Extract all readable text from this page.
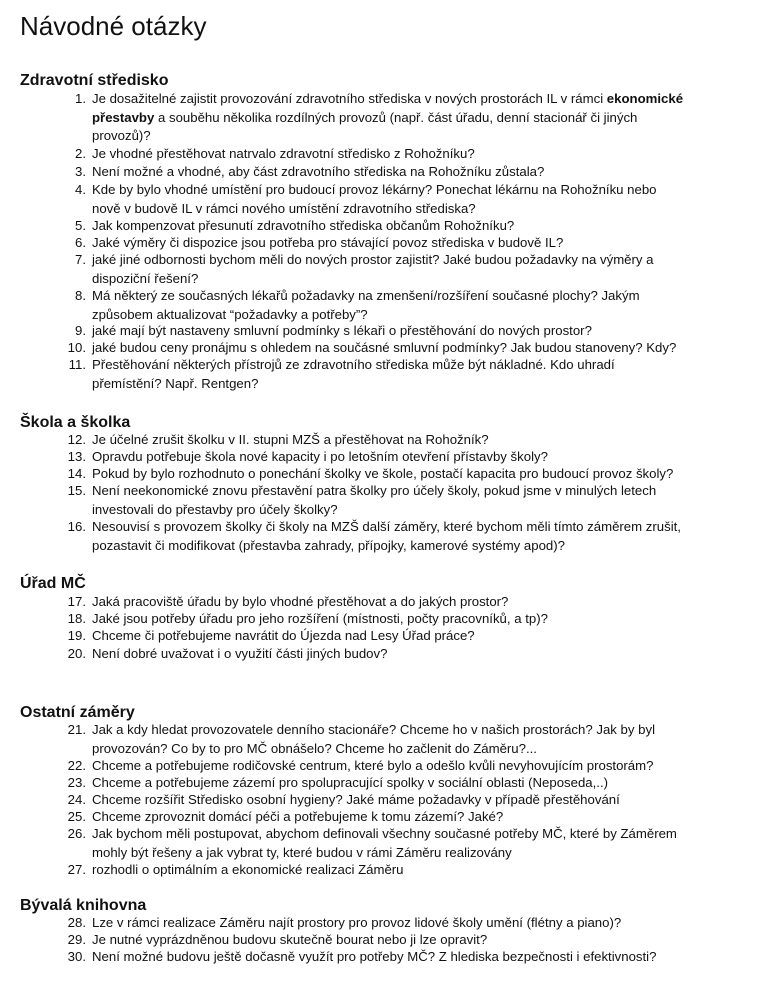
Návodné otázky
Zdravotní středisko
1. Je dosažitelné zajistit provozování zdravotního střediska v nových prostorách IL v rámci ekonomické
přestavby a souběhu několika rozdílných provozů (např. část úřadu, denní stacionář či jiných
provozů)?
2. Je vhodné přestěhovat natrvalo zdravotní středisko z Rohožníku?
3. Není možné a vhodné, aby část zdravotního střediska na Rohožníku zůstala?
4. Kde by bylo vhodné umístění pro budoucí provoz lékárny? Ponechat lékárnu na Rohožníku nebo
nově v budově IL v rámci nového umístění zdravotního střediska?
5. Jak kompenzovat přesunutí zdravotního střediska občanům Rohožníku?
6. Jaké výměry či dispozice jsou potřeba pro stávající povoz střediska v budově IL?
7. jaké jiné odbornosti bychom měli do nových prostor zajistit? Jaké budou požadavky na výměry a
dispoziční řešení?
8. Má některý ze současných lékařů požadavky na zmenšení/rozšíření současné plochy? Jakým
způsobem aktualizovat “požadavky a potřeby”?
9. jaké mají být nastaveny smluvní podmínky s lékaři o přestěhování do nových prostor?
10. jaké budou ceny pronájmu s ohledem na součásné smluvní podmínky? Jak budou stanoveny? Kdy?
11. Přestěhování některých přístrojů ze zdravotního střediska může být nákladné. Kdo uhradí
přemístění? Např. Rentgen?
Škola a školka
12. Je účelné zrušit školku v II. stupni MZŠ a přestěhovat na Rohožník?
13. Opravdu potřebuje škola nové kapacity i po letošním otevření přístavby školy?
14. Pokud by bylo rozhodnuto o ponechání školky ve škole, postačí kapacita pro budoucí provoz školy?
15. Není neekonomické znovu přestavění patra školky pro účely školy, pokud jsme v minulých letech
investovali do přestavby pro účely školky?
16. Nesouvisí s provozem školky či školy na MZŠ další záměry, které bychom měli tímto záměrem zrušit,
pozastavit či modifikovat (přestavba zahrady, přípojky, kamerové systémy apod)?
Úřad MČ
17. Jaká pracoviště úřadu by bylo vhodné přestěhovat a do jakých prostor?
18. Jaké jsou potřeby úřadu pro jeho rozšíření (místnosti, počty pracovníků, a tp)?
19. Chceme či potřebujeme navrátit do Újezda nad Lesy Úřad práce?
20. Není dobré uvažovat i o využití části jiných budov?
Ostatní záměry
21. Jak a kdy hledat provozovatele denního stacionáře? Chceme ho v našich prostorách? Jak by byl
provozován? Co by to pro MČ obnášelo? Chceme ho začlenit do Záměru?...
22. Chceme a potřebujeme rodičovské centrum, které bylo a odešlo kvůli nevyhovujícím prostorám?
23. Chceme a potřebujeme zázemí pro spolupracující spolky v sociální oblasti (Neposeda,..)
24. Chceme rozšířit Středisko osobní hygieny? Jaké máme požadavky v případě přestěhování
25. Chceme zprovoznit domácí péči a potřebujeme k tomu zázemí? Jaké?
26. Jak bychom měli postupovat, abychom definovali všechny současné potřeby MČ, které by Záměrem
mohly být řešeny a jak vybrat ty, které budou v rámi Záměru realizovány
27. rozhodli o optimálním a ekonomické realizaci Záměru
Bývalá knihovna
28. Lze v rámci realizace Záměru najít prostory pro provoz lidové školy umění (flétny a piano)?
29. Je nutné vyprázdněnou budovu skutečně bourat nebo ji lze opravit?
30. Není možné budovu ještě dočasně využít pro potřeby MČ? Z hlediska bezpečnosti i efektivnosti?
